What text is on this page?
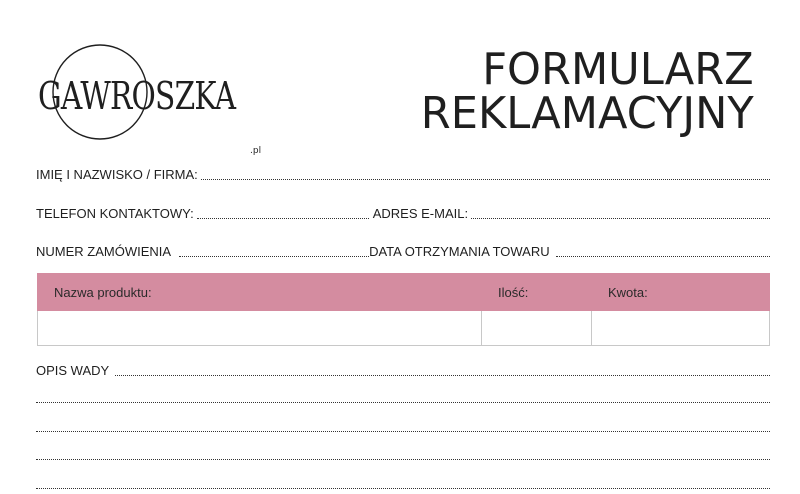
GAWROSZKA
.pl
FORMULARZ
REKLAMACYJNY
IMIĘ I NAZWISKO / FIRMA:
TELEFON KONTAKTOWY:	ADRES E-MAIL:
NUMER ZAMÓWIENIA	DATA OTRZYMANIA TOWARU
Nazwa produktu:	Ilość:	Kwota:

OPIS WADY
